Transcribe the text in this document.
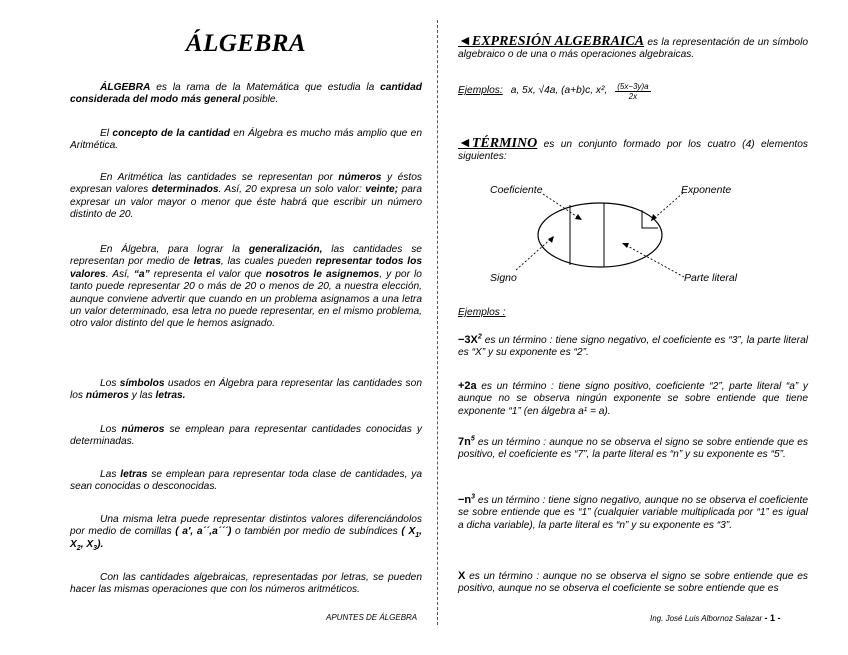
ÁLGEBRA

ÁLGEBRA es la rama de la Matemática que estudia la cantidad considerada del modo más general posible.

El concepto de la cantidad en Álgebra es mucho más amplio que en Aritmética.

En Aritmética las cantidades se representan por números y éstos expresan valores determinados. Así, 20 expresa un solo valor: veinte; para expresar un valor mayor o menor que éste habrá que escribir un número distinto de 20.

En Álgebra, para lograr la generalización, las cantidades se representan por medio de letras, las cuales pueden representar todos los valores. Así, “a” representa el valor que nosotros le asignemos, y por lo tanto puede representar 20 o más de 20 o menos de 20, a nuestra elección, aunque conviene advertir que cuando en un problema asignamos a una letra un valor determinado, esa letra no puede representar, en el mismo problema, otro valor distinto del que le hemos asignado.

Los símbolos usados en Álgebra para representar las cantidades son los números y las letras.

Los números se emplean para representar cantidades conocidas y determinadas.

Las letras se emplean para representar toda clase de cantidades, ya sean conocidas o desconocidas.

Una misma letra puede representar distintos valores diferenciándolos por medio de comillas ( a', a´´,a´´´) o también por medio de subíndices ( $X_1$, $X_2$, $X_3$).

Con las cantidades algebraicas, representadas por letras, se pueden hacer las mismas operaciones que con los números aritméticos.

APUNTES DE ÁLGEBRA

◄EXPRESIÓN ALGEBRAICA es la representación de un símbolo algebraico o de una o más operaciones algebraicas.

Ejemplos: a, 5x, √4a, (a+b)c, x², $\frac{(5x-3y)a}{2x}$

◄TÉRMINO es un conjunto formado por los cuatro (4) elementos siguientes:

Coeficiente	Exponente
Signo	Parte literal

Ejemplos :

$-3X^2$ es un término : tiene signo negativo, el coeficiente es “3”, la parte literal es “X” y su exponente es “2”.

+2a es un término : tiene signo positivo, coeficiente “2”, parte literal “a” y aunque no se observa ningún exponente se sobre entiende que tiene exponente “1” (en álgebra a¹ = a).

$7n^5$ es un término : aunque no se observa el signo se sobre entiende que es positivo, el coeficiente es “7”, la parte literal es “n” y su exponente es “5”.

$-n^3$ es un término : tiene signo negativo, aunque no se observa el coeficiente se sobre entiende que es “1” (cualquier variable multiplicada por “1” es igual a dicha variable), la parte literal es “n” y su exponente es “3”.

X es un término : aunque no se observa el signo se sobre entiende que es positivo, aunque no se observa el coeficiente se sobre entiende que es

Ing. José Luis Albornoz Salazar - 1 -
